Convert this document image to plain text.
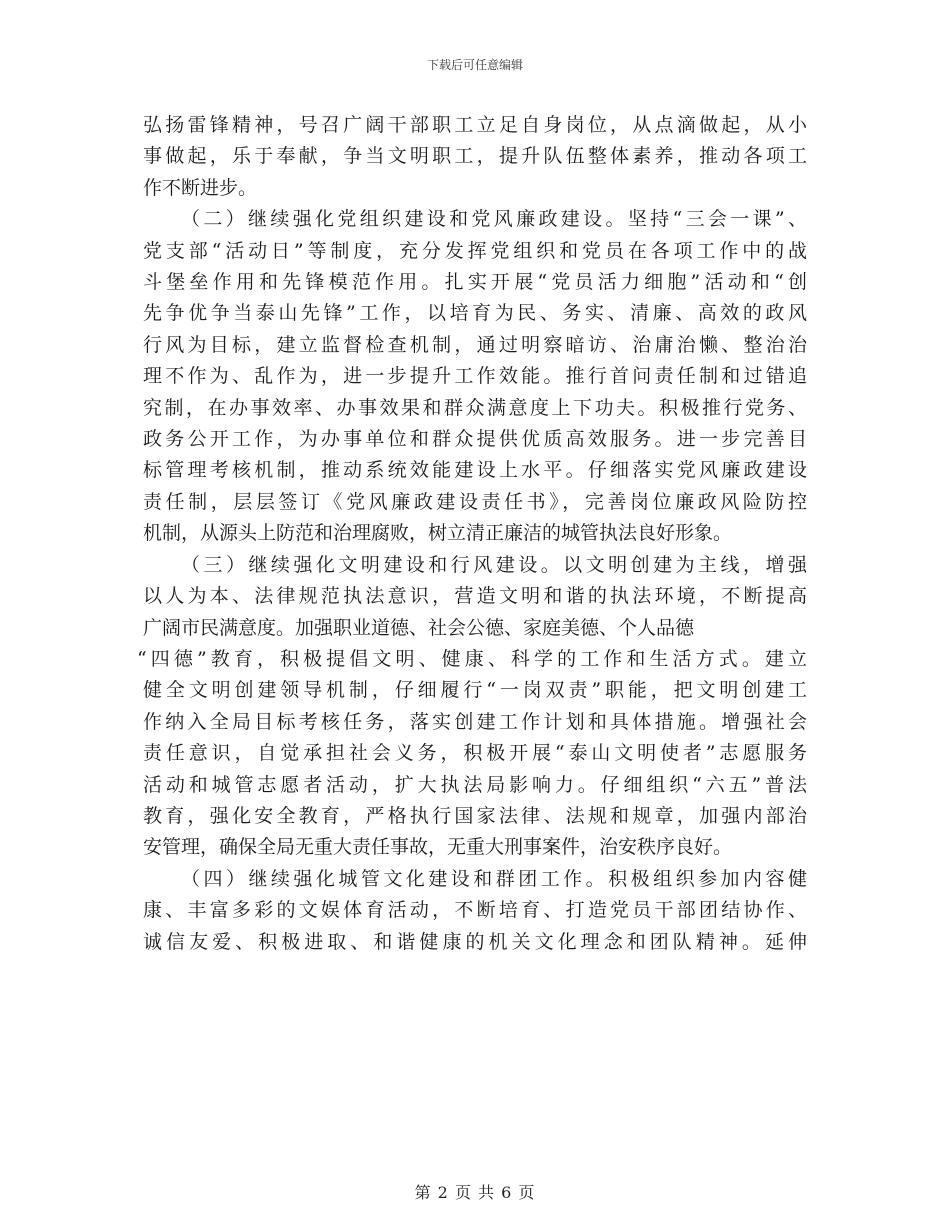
下载后可任意编辑
弘扬雷锋精神，号召广阔干部职工立足自身岗位，从点滴做起，从小
事做起，乐于奉献，争当文明职工，提升队伍整体素养，推动各项工
作不断进步。
（二）继续强化党组织建设和党风廉政建设。坚持“三会一课”、
党支部“活动日”等制度，充分发挥党组织和党员在各项工作中的战
斗堡垒作用和先锋模范作用。扎实开展“党员活力细胞”活动和“创
先争优争当泰山先锋”工作，以培育为民、务实、清廉、高效的政风
行风为目标，建立监督检查机制，通过明察暗访、治庸治懒、整治治
理不作为、乱作为，进一步提升工作效能。推行首问责任制和过错追
究制，在办事效率、办事效果和群众满意度上下功夫。积极推行党务、
政务公开工作，为办事单位和群众提供优质高效服务。进一步完善目
标管理考核机制，推动系统效能建设上水平。仔细落实党风廉政建设
责任制，层层签订《党风廉政建设责任书》，完善岗位廉政风险防控
机制，从源头上防范和治理腐败，树立清正廉洁的城管执法良好形象。
（三）继续强化文明建设和行风建设。以文明创建为主线，增强
以人为本、法律规范执法意识，营造文明和谐的执法环境，不断提高
广阔市民满意度。加强职业道德、社会公德、家庭美德、个人品德
“四德”教育，积极提倡文明、健康、科学的工作和生活方式。建立
健全文明创建领导机制，仔细履行“一岗双责”职能，把文明创建工
作纳入全局目标考核任务，落实创建工作计划和具体措施。增强社会
责任意识，自觉承担社会义务，积极开展“泰山文明使者”志愿服务
活动和城管志愿者活动，扩大执法局影响力。仔细组织“六五”普法
教育，强化安全教育，严格执行国家法律、法规和规章，加强内部治
安管理，确保全局无重大责任事故，无重大刑事案件，治安秩序良好。
（四）继续强化城管文化建设和群团工作。积极组织参加内容健
康、丰富多彩的文娱体育活动，不断培育、打造党员干部团结协作、
诚信友爱、积极进取、和谐健康的机关文化理念和团队精神。延伸
第 2 页 共 6 页
